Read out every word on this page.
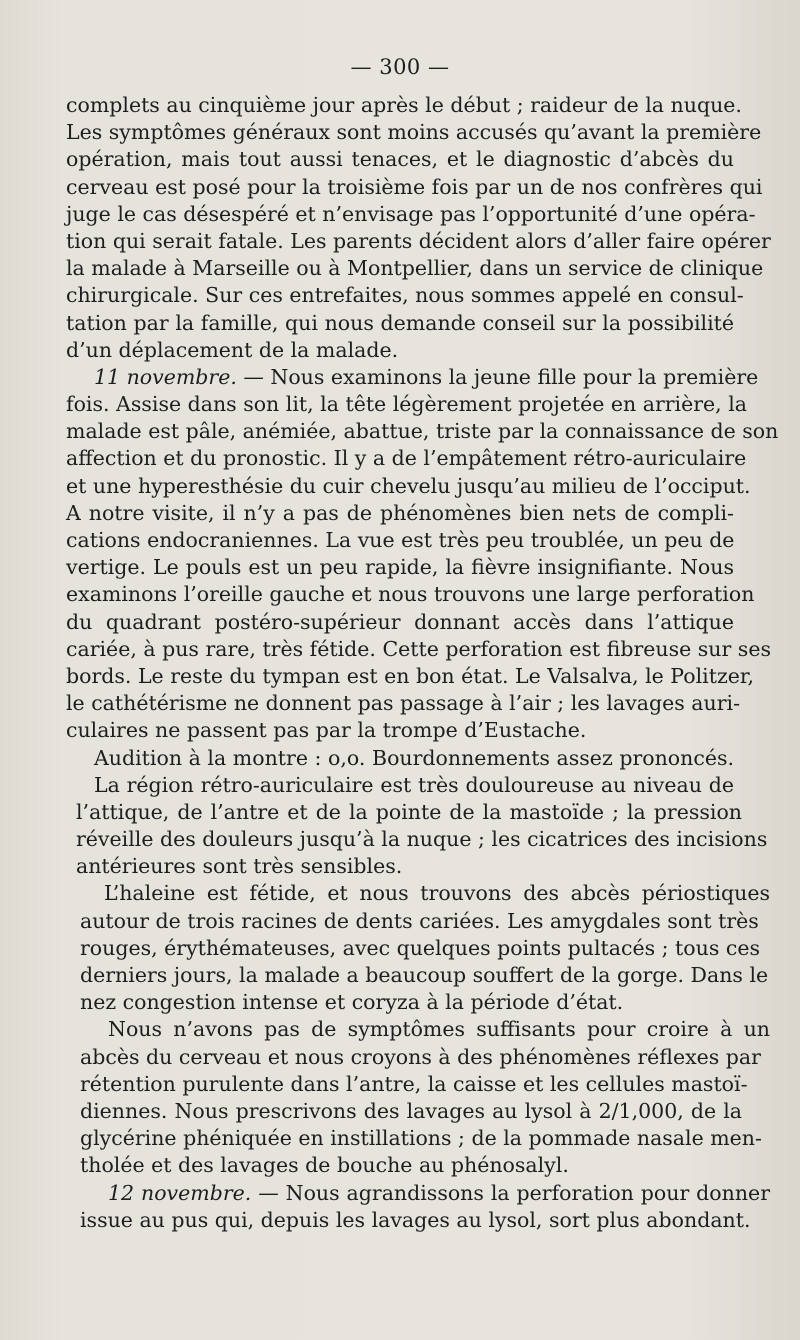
— 300 —
complets au cinquième jour après le début ; raideur de la nuque.
Les symptômes généraux sont moins accusés qu’avant la première
opération, mais tout aussi tenaces, et le diagnostic d’abcès du
cerveau est posé pour la troisième fois par un de nos confrères qui
juge le cas désespéré et n’envisage pas l’opportunité d’une opéra-
tion qui serait fatale. Les parents décident alors d’aller faire opérer
la malade à Marseille ou à Montpellier, dans un service de clinique
chirurgicale. Sur ces entrefaites, nous sommes appelé en consul-
tation par la famille, qui nous demande conseil sur la possibilité
d’un déplacement de la malade.
11 novembre. — Nous examinons la jeune fille pour la première
fois. Assise dans son lit, la tête légèrement projetée en arrière, la
malade est pâle, anémiée, abattue, triste par la connaissance de son
affection et du pronostic. Il y a de l’empâtement rétro-auriculaire
et une hyperesthésie du cuir chevelu jusqu’au milieu de l’occiput.
A notre visite, il n’y a pas de phénomènes bien nets de compli-
cations endocraniennes. La vue est très peu troublée, un peu de
vertige. Le pouls est un peu rapide, la fièvre insignifiante. Nous
examinons l’oreille gauche et nous trouvons une large perforation
du quadrant postéro-supérieur donnant accès dans l’attique
cariée, à pus rare, très fétide. Cette perforation est fibreuse sur ses
bords. Le reste du tympan est en bon état. Le Valsalva, le Politzer,
le cathétérisme ne donnent pas passage à l’air ; les lavages auri-
culaires ne passent pas par la trompe d’Eustache.
Audition à la montre : o,o. Bourdonnements assez prononcés.
La région rétro-auriculaire est très douloureuse au niveau de
l’attique, de l’antre et de la pointe de la mastoïde ; la pression
réveille des douleurs jusqu’à la nuque ; les cicatrices des incisions
antérieures sont très sensibles.
L’haleine est fétide, et nous trouvons des abcès périostiques
autour de trois racines de dents cariées. Les amygdales sont très
rouges, érythémateuses, avec quelques points pultacés ; tous ces
derniers jours, la malade a beaucoup souffert de la gorge. Dans le
nez congestion intense et coryza à la période d’état.
Nous n’avons pas de symptômes suffisants pour croire à un
abcès du cerveau et nous croyons à des phénomènes réflexes par
rétention purulente dans l’antre, la caisse et les cellules mastoï-
diennes. Nous prescrivons des lavages au lysol à 2/1,000, de la
glycérine phéniquée en instillations ; de la pommade nasale men-
tholée et des lavages de bouche au phénosalyl.
12 novembre. — Nous agrandissons la perforation pour donner
issue au pus qui, depuis les lavages au lysol, sort plus abondant.
